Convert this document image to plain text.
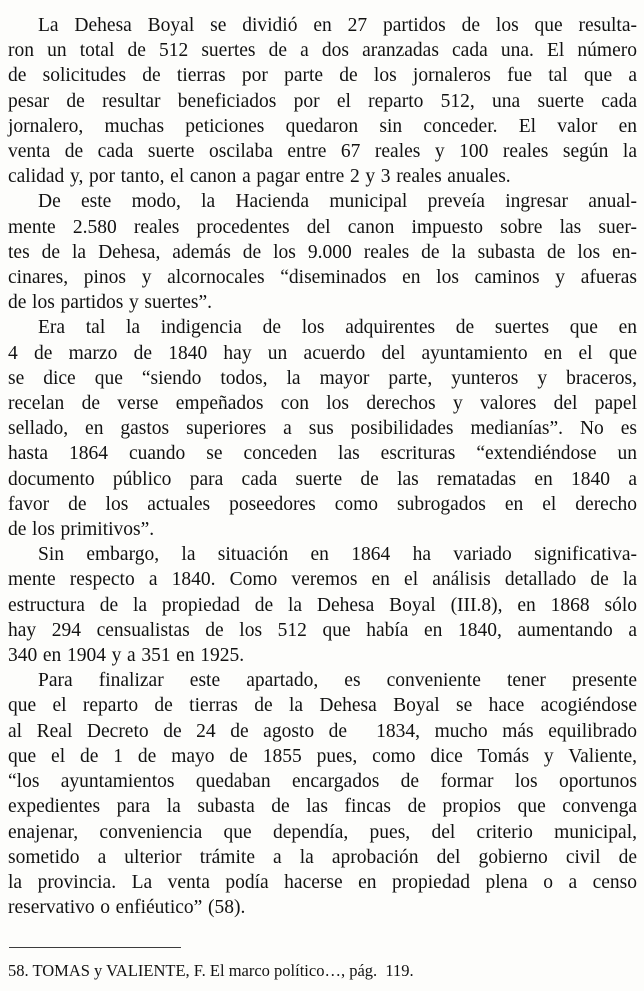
La Dehesa Boyal se dividió en 27 partidos de los que resulta-
ron un total de 512 suertes de a dos aranzadas cada una. El número
de solicitudes de tierras por parte de los jornaleros fue tal que a
pesar de resultar beneficiados por el reparto 512, una suerte cada
jornalero, muchas peticiones quedaron sin conceder. El valor en
venta de cada suerte oscilaba entre 67 reales y 100 reales según la
calidad y, por tanto, el canon a pagar entre 2 y 3 reales anuales.

De este modo, la Hacienda municipal preveía ingresar anual-
mente 2.580 reales procedentes del canon impuesto sobre las suer-
tes de la Dehesa, además de los 9.000 reales de la subasta de los en-
cinares, pinos y alcornocales “diseminados en los caminos y afueras
de los partidos y suertes”.

Era tal la indigencia de los adquirentes de suertes que en
4 de marzo de 1840 hay un acuerdo del ayuntamiento en el que
se dice que “siendo todos, la mayor parte, yunteros y braceros,
recelan de verse empeñados con los derechos y valores del papel
sellado, en gastos superiores a sus posibilidades medianías”. No es
hasta 1864 cuando se conceden las escrituras “extendiéndose un
documento público para cada suerte de las rematadas en 1840 a
favor de los actuales poseedores como subrogados en el derecho
de los primitivos”.

Sin embargo, la situación en 1864 ha variado significativa-
mente respecto a 1840. Como veremos en el análisis detallado de la
estructura de la propiedad de la Dehesa Boyal (III.8), en 1868 sólo
hay 294 censualistas de los 512 que había en 1840, aumentando a
340 en 1904 y a 351 en 1925.

Para finalizar este apartado, es conveniente tener presente
que el reparto de tierras de la Dehesa Boyal se hace acogiéndose
al Real Decreto de 24 de agosto de  1834, mucho más equilibrado
que el de 1 de mayo de 1855 pues, como dice Tomás y Valiente,
“los ayuntamientos quedaban encargados de formar los oportunos
expedientes para la subasta de las fincas de propios que convenga
enajenar, conveniencia que dependía, pues, del criterio municipal,
sometido a ulterior trámite a la aprobación del gobierno civil de
la provincia. La venta podía hacerse en propiedad plena o a censo
reservativo o enfiéutico” (58).

58. TOMAS y VALIENTE, F. El marco político…, pág.  119.
